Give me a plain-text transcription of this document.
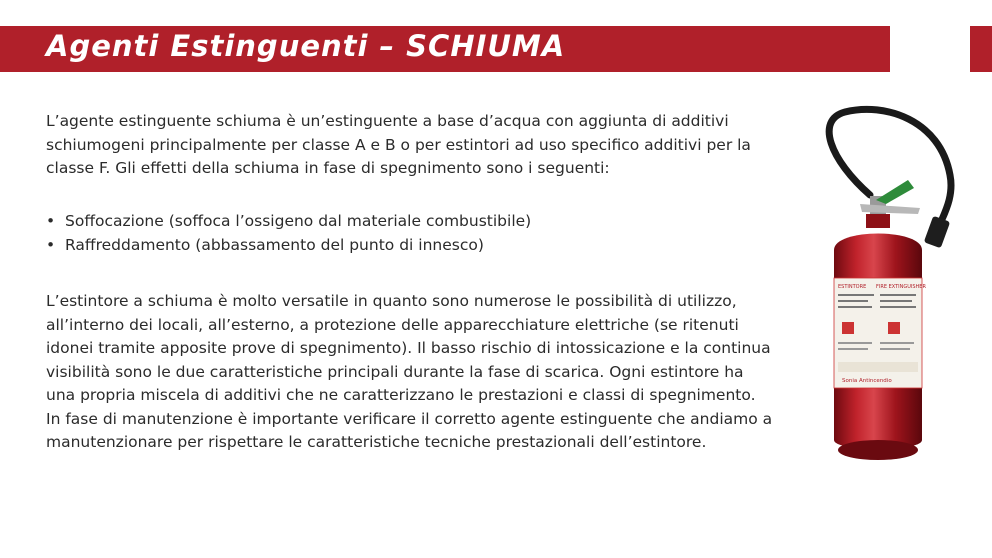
Agenti Estinguenti – SCHIUMA
L’agente estinguente schiuma è un’estinguente a base d’acqua con aggiunta di additivi schiumogeni principalmente per classe A e B o per estintori ad uso specifico additivi per la classe F. Gli effetti della schiuma in fase di spegnimento sono i seguenti:
• Soffocazione (soffoca l’ossigeno dal materiale combustibile)
• Raffreddamento (abbassamento del punto di innesco)
L’estintore a schiuma è molto versatile in quanto sono numerose le possibilità di utilizzo, all’interno dei locali, all’esterno, a protezione delle apparecchiature elettriche (se ritenuti idonei tramite apposite prove di spegnimento). Il basso rischio di intossicazione e la continua visibilità sono le due caratteristiche principali durante la fase di scarica. Ogni estintore ha una propria miscela di additivi che ne caratterizzano le prestazioni e classi di spegnimento. In fase di manutenzione è importante verificare il corretto agente estinguente che andiamo a manutenzionare per rispettare le caratteristiche tecniche prestazionali dell’estintore.
ESTINTORE FIRE EXTINGUISHER
Sonia Antincendio
